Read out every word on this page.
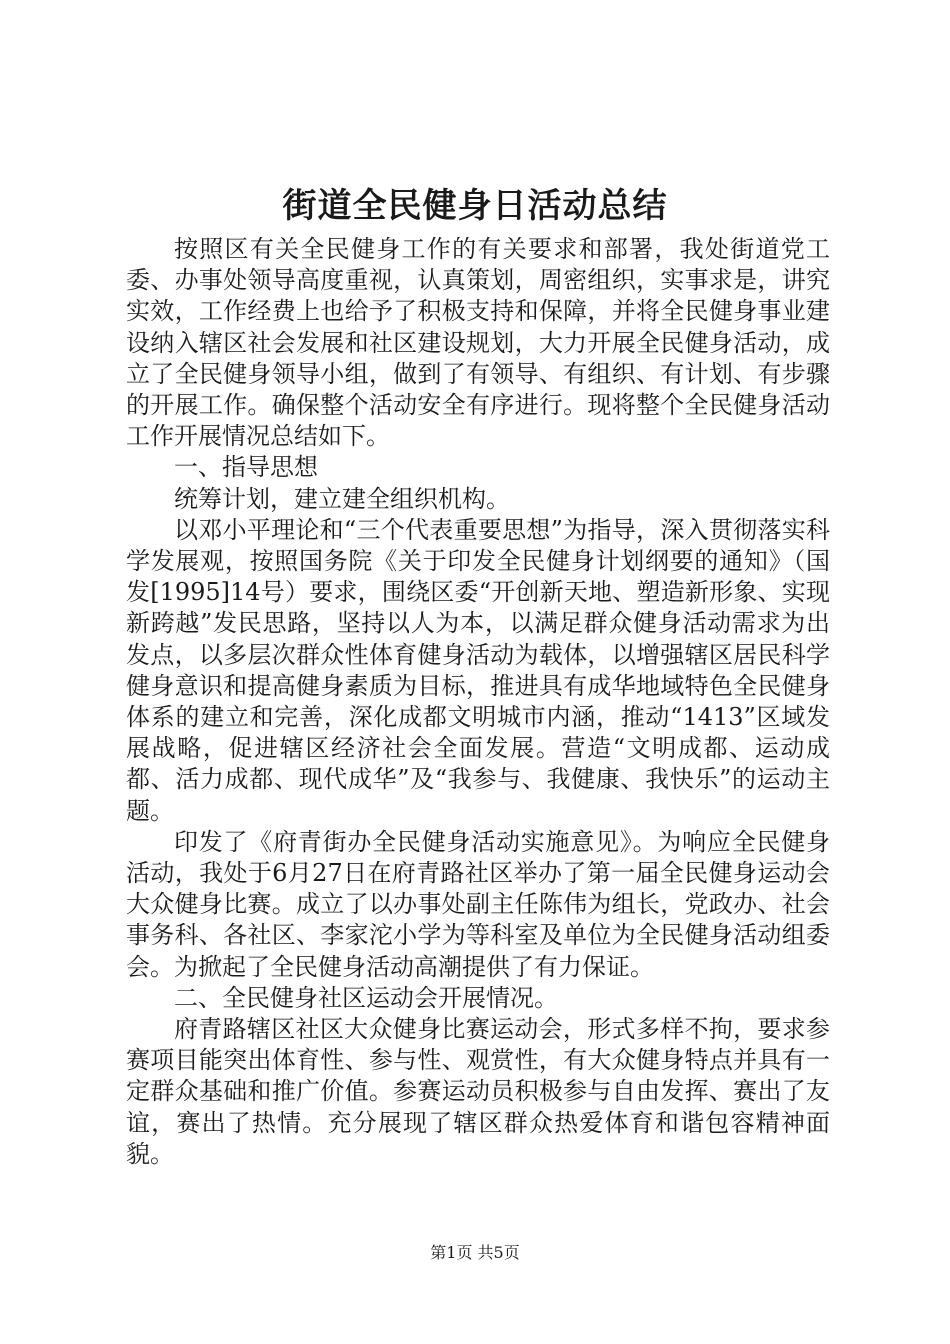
街道全民健身日活动总结

按照区有关全民健身工作的有关要求和部署，我处街道党工委、办事处领导高度重视，认真策划，周密组织，实事求是，讲究实效，工作经费上也给予了积极支持和保障，并将全民健身事业建设纳入辖区社会发展和社区建设规划，大力开展全民健身活动，成立了全民健身领导小组，做到了有领导、有组织、有计划、有步骤的开展工作。确保整个活动安全有序进行。现将整个全民健身活动工作开展情况总结如下。

一、指导思想

统筹计划，建立建全组织机构。

以邓小平理论和“三个代表重要思想”为指导，深入贯彻落实科学发展观，按照国务院《关于印发全民健身计划纲要的通知》（国发[1995]14号）要求，围绕区委“开创新天地、塑造新形象、实现新跨越”发民思路，坚持以人为本，以满足群众健身活动需求为出发点，以多层次群众性体育健身活动为载体，以增强辖区居民科学健身意识和提高健身素质为目标，推进具有成华地域特色全民健身体系的建立和完善，深化成都文明城市内涵，推动“1413”区域发展战略，促进辖区经济社会全面发展。营造“文明成都、运动成都、活力成都、现代成华”及“我参与、我健康、我快乐”的运动主题。

印发了《府青街办全民健身活动实施意见》。为响应全民健身活动，我处于6月27日在府青路社区举办了第一届全民健身运动会大众健身比赛。成立了以办事处副主任陈伟为组长，党政办、社会事务科、各社区、李家沱小学为等科室及单位为全民健身活动组委会。为掀起了全民健身活动高潮提供了有力保证。

二、全民健身社区运动会开展情况。

府青路辖区社区大众健身比赛运动会，形式多样不拘，要求参赛项目能突出体育性、参与性、观赏性，有大众健身特点并具有一定群众基础和推广价值。参赛运动员积极参与自由发挥、赛出了友谊，赛出了热情。充分展现了辖区群众热爱体育和谐包容精神面貌。

第1页 共5页
